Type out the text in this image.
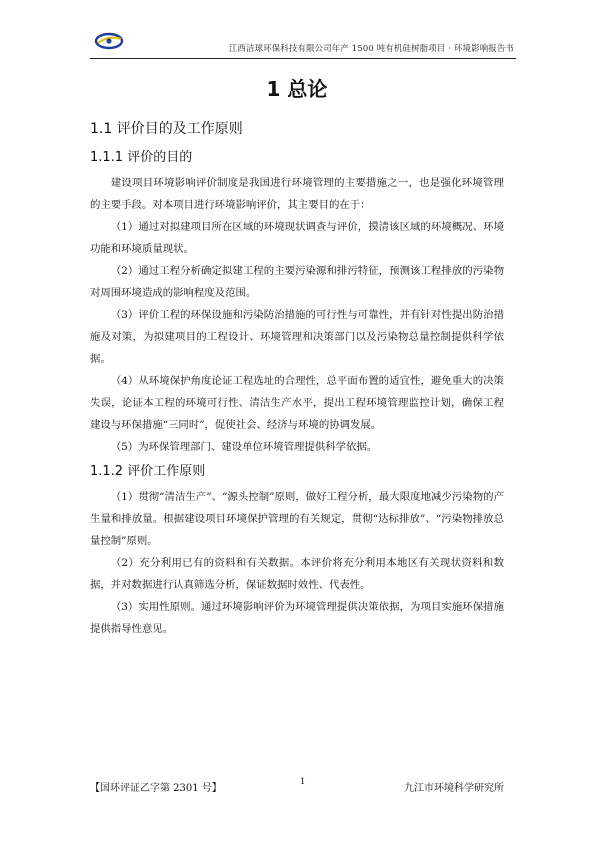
江西洁球环保科技有限公司年产 1500 吨有机硅树脂项目 · 环境影响报告书
1 总论
1.1 评价目的及工作原则
1.1.1 评价的目的

建设项目环境影响评价制度是我国进行环境管理的主要措施之一，也是强化环境管理的主要手段。对本项目进行环境影响评价，其主要目的在于：

（1）通过对拟建项目所在区域的环境现状调查与评价，摸清该区域的环境概况、环境功能和环境质量现状。

（2）通过工程分析确定拟建工程的主要污染源和排污特征，预测该工程排放的污染物对周围环境造成的影响程度及范围。

（3）评价工程的环保设施和污染防治措施的可行性与可靠性，并有针对性提出防治措施及对策，为拟建项目的工程设计、环境管理和决策部门以及污染物总量控制提供科学依据。

（4）从环境保护角度论证工程选址的合理性，总平面布置的适宜性，避免重大的决策失误，论证本工程的环境可行性、清洁生产水平，提出工程环境管理监控计划，确保工程建设与环保措施“三同时”，促使社会、经济与环境的协调发展。

（5）为环保管理部门、建设单位环境管理提供科学依据。

1.1.2 评价工作原则

（1）贯彻“清洁生产”、“源头控制”原则，做好工程分析，最大限度地减少污染物的产生量和排放量。根据建设项目环境保护管理的有关规定，贯彻“达标排放”、“污染物排放总量控制”原则。

（2）充分利用已有的资料和有关数据。本评价将充分利用本地区有关现状资料和数据，并对数据进行认真筛选分析，保证数据时效性、代表性。

（3）实用性原则。通过环境影响评价为环境管理提供决策依据，为项目实施环保措施提供指导性意见。

【国环评证乙字第 2301 号】
1
九江市环境科学研究所
